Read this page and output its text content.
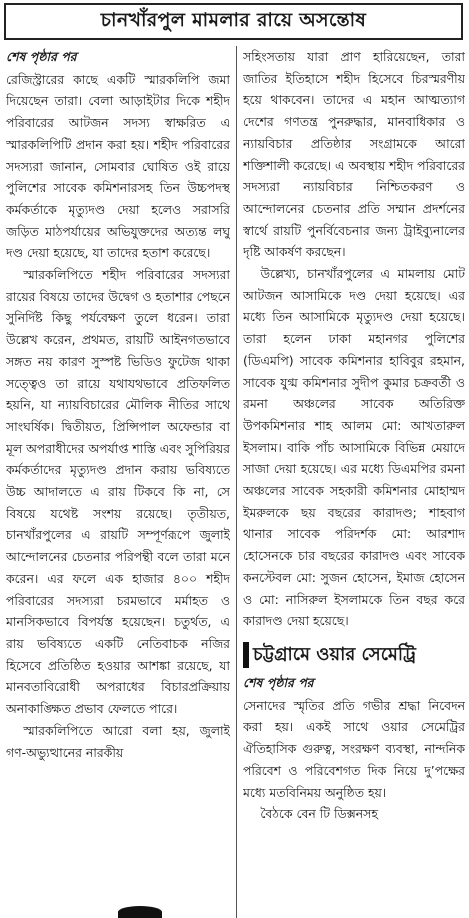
চানখাঁরপুল মামলার রায়ে অসন্তোষ
শেষ পৃষ্ঠার পর

রেজিস্ট্রারের কাছে একটি স্মারকলিপি জমা দিয়েছেন তারা। বেলা আড়াইটার দিকে শহীদ পরিবারের আটজন সদস্য স্বাক্ষরিত এ স্মারকলিপিটি প্রদান করা হয়। শহীদ পরিবারের সদস্যরা জানান, সোমবার ঘোষিত ওই রায়ে পুলিশের সাবেক কমিশনারসহ তিন উচ্চপদস্থ কর্মকর্তাকে মৃত্যুদণ্ড দেয়া হলেও সরাসরি জড়িত মাঠপর্যায়ের অভিযুক্তদের অত্যন্ত লঘু দণ্ড দেয়া হয়েছে, যা তাদের হতাশ করেছে।

স্মারকলিপিতে শহীদ পরিবারের সদস্যরা রায়ের বিষয়ে তাদের উদ্বেগ ও হতাশার পেছনে সুনির্দিষ্ট কিছু পর্যবেক্ষণ তুলে ধরেন। তারা উল্লেখ করেন, প্রথমত, রায়টি আইনগতভাবে সঙ্গত নয় কারণ সুস্পষ্ট ভিডিও ফুটেজ থাকা সত্ত্বেও তা রায়ে যথাযথভাবে প্রতিফলিত হয়নি, যা ন্যায়বিচারের মৌলিক নীতির সাথে সাংঘর্ষিক। দ্বিতীয়ত, প্রিন্সিপাল অফেন্ডার বা মূল অপরাধীদের অপর্যাপ্ত শাস্তি এবং সুপিরিয়র কর্মকর্তাদের মৃত্যুদণ্ড প্রদান করায় ভবিষ্যতে উচ্চ আদালতে এ রায় টিকবে কি না, সে বিষয়ে যথেষ্ট সংশয় রয়েছে। তৃতীয়ত, চানখাঁরপুলের এ রায়টি সম্পূর্ণরূপে জুলাই আন্দোলনের চেতনার পরিপন্থী বলে তারা মনে করেন। এর ফলে এক হাজার ৪০০ শহীদ পরিবারের সদস্যরা চরমভাবে মর্মাহত ও মানসিকভাবে বিপর্যস্ত হয়েছেন। চতুর্থত, এ রায় ভবিষ্যতে একটি নেতিবাচক নজির হিসেবে প্রতিষ্ঠিত হওয়ার আশঙ্কা রয়েছে, যা মানবতাবিরোধী অপরাধের বিচারপ্রক্রিয়ায় অনাকাঙ্ক্ষিত প্রভাব ফেলতে পারে।

স্মারকলিপিতে আরো বলা হয়, জুলাই গণ-অভ্যুত্থানের নারকীয়

সহিংসতায় যারা প্রাণ হারিয়েছেন, তারা জাতির ইতিহাসে শহীদ হিসেবে চিরস্মরণীয় হয়ে থাকবেন। তাদের এ মহান আত্মত্যাগ দেশের গণতন্ত্র পুনরুদ্ধার, মানবাধিকার ও ন্যায়বিচার প্রতিষ্ঠার সংগ্রামকে আরো শক্তিশালী করেছে। এ অবস্থায় শহীদ পরিবারের সদস্যরা ন্যায়বিচার নিশ্চিতকরণ ও আন্দোলনের চেতনার প্রতি সম্মান প্রদর্শনের স্বার্থে রায়টি পুনর্বিবেচনার জন্য ট্রাইব্যুনালের দৃষ্টি আকর্ষণ করছেন।

উল্লেখ্য, চানখাঁরপুলের এ মামলায় মোট আটজন আসামিকে দণ্ড দেয়া হয়েছে। এর মধ্যে তিন আসামিকে মৃত্যুদণ্ড দেয়া হয়েছে। তারা হলেন ঢাকা মহানগর পুলিশের (ডিএমপি) সাবেক কমিশনার হাবিবুর রহমান, সাবেক যুগ্ম কমিশনার সুদীপ কুমার চক্রবর্তী ও রমনা অঞ্চলের সাবেক অতিরিক্ত উপকমিশনার শাহ আলম মো: আখতারুল ইসলাম। বাকি পাঁচ আসামিকে বিভিন্ন মেয়াদে সাজা দেয়া হয়েছে। এর মধ্যে ডিএমপির রমনা অঞ্চলের সাবেক সহকারী কমিশনার মোহাম্মদ ইমরুলকে ছয় বছরের কারাদণ্ড; শাহবাগ থানার সাবেক পরিদর্শক মো: আরশাদ হোসেনকে চার বছরের কারাদণ্ড এবং সাবেক কনস্টেবল মো: সুজন হোসেন, ইমাজ হোসেন ও মো: নাসিরুল ইসলামকে তিন বছর করে কারাদণ্ড দেয়া হয়েছে।

চট্টগ্রামে ওয়ার সেমেট্রি
শেষ পৃষ্ঠার পর

সেনাদের স্মৃতির প্রতি গভীর শ্রদ্ধা নিবেদন করা হয়। একই সাথে ওয়ার সেমেট্রির ঐতিহাসিক গুরুত্ব, সংরক্ষণ ব্যবস্থা, নান্দনিক পরিবেশ ও পরিবেশগত দিক নিয়ে দু’পক্ষের মধ্যে মতবিনিময় অনুষ্ঠিত হয়।

বৈঠকে বেন টি ডিক্সনসহ
